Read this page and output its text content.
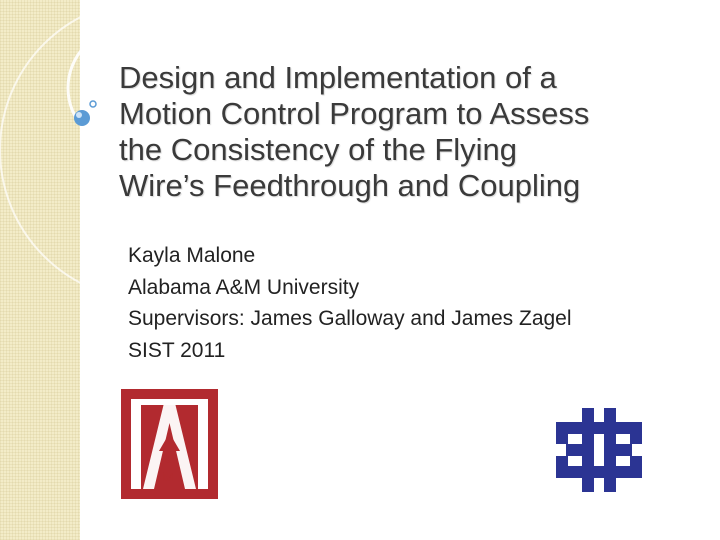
Design and Implementation of a
Motion Control Program to Assess
the Consistency of the Flying
Wire’s Feedthrough and Coupling
Kayla Malone
Alabama A&M University
Supervisors: James Galloway and James Zagel
SIST 2011
&
M
